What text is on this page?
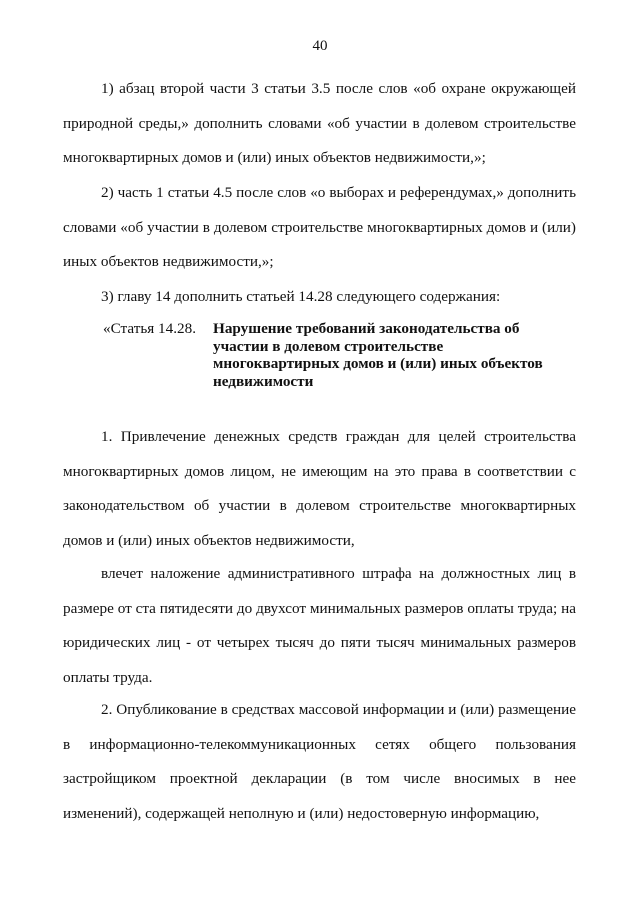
40

1) абзац второй части 3 статьи 3.5 после слов «об охране окружающей природной среды,» дополнить словами «об участии в долевом строительстве многоквартирных домов и (или) иных объектов недвижимости,»;

2) часть 1 статьи 4.5 после слов «о выборах и референдумах,» дополнить словами «об участии в долевом строительстве многоквартирных домов и (или) иных объектов недвижимости,»;

3) главу 14 дополнить статьей 14.28 следующего содержания:

«Статья 14.28.	Нарушение требований законодательства об участии в долевом строительстве многоквартирных домов и (или) иных объектов недвижимости

1. Привлечение денежных средств граждан для целей строительства многоквартирных домов лицом, не имеющим на это права в соответствии с законодательством об участии в долевом строительстве многоквартирных домов и (или) иных объектов недвижимости,

влечет наложение административного штрафа на должностных лиц в размере от ста пятидесяти до двухсот минимальных размеров оплаты труда; на юридических лиц - от четырех тысяч до пяти тысяч минимальных размеров оплаты труда.

2. Опубликование в средствах массовой информации и (или) размещение в информационно-телекоммуникационных сетях общего пользования застройщиком проектной декларации (в том числе вносимых в нее изменений), содержащей неполную и (или) недостоверную информацию,
